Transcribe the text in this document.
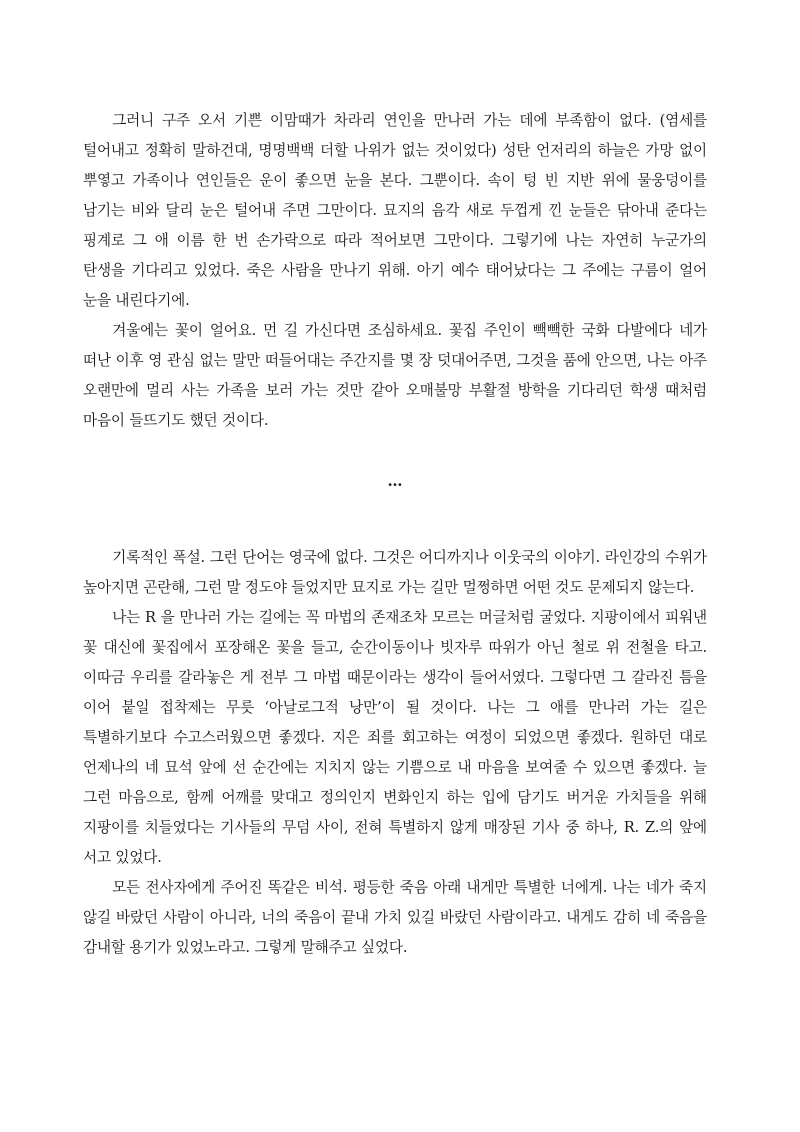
그러니 구주 오서 기쁜 이맘때가 차라리 연인을 만나러 가는 데에 부족함이 없다. (염세를 털어내고 정확히 말하건대, 명명백백 더할 나위가 없는 것이었다) 성탄 언저리의 하늘은 가망 없이 뿌옇고 가족이나 연인들은 운이 좋으면 눈을 본다. 그뿐이다. 속이 텅 빈 지반 위에 물웅덩이를 남기는 비와 달리 눈은 털어내 주면 그만이다. 묘지의 음각 새로 두껍게 낀 눈들은 닦아내 준다는 핑계로 그 애 이름 한 번 손가락으로 따라 적어보면 그만이다. 그렇기에 나는 자연히 누군가의 탄생을 기다리고 있었다. 죽은 사람을 만나기 위해. 아기 예수 태어났다는 그 주에는 구름이 얼어 눈을 내린다기에.

겨울에는 꽃이 얼어요. 먼 길 가신다면 조심하세요. 꽃집 주인이 빽빽한 국화 다발에다 네가 떠난 이후 영 관심 없는 말만 떠들어대는 주간지를 몇 장 덧대어주면, 그것을 품에 안으면, 나는 아주 오랜만에 멀리 사는 가족을 보러 가는 것만 같아 오매불망 부활절 방학을 기다리던 학생 때처럼 마음이 들뜨기도 했던 것이다.

…

기록적인 폭설. 그런 단어는 영국에 없다. 그것은 어디까지나 이웃국의 이야기. 라인강의 수위가 높아지면 곤란해, 그런 말 정도야 들었지만 묘지로 가는 길만 멀쩡하면 어떤 것도 문제되지 않는다.

나는 R 을 만나러 가는 길에는 꼭 마법의 존재조차 모르는 머글처럼 굴었다. 지팡이에서 피워낸 꽃 대신에 꽃집에서 포장해온 꽃을 들고, 순간이동이나 빗자루 따위가 아닌 철로 위 전철을 타고. 이따금 우리를 갈라놓은 게 전부 그 마법 때문이라는 생각이 들어서였다. 그렇다면 그 갈라진 틈을 이어 붙일 접착제는 무릇 ‘아날로그적 낭만’이 될 것이다. 나는 그 애를 만나러 가는 길은 특별하기보다 수고스러웠으면 좋겠다. 지은 죄를 회고하는 여정이 되었으면 좋겠다. 원하던 대로 언제나의 네 묘석 앞에 선 순간에는 지치지 않는 기쁨으로 내 마음을 보여줄 수 있으면 좋겠다. 늘 그런 마음으로, 함께 어깨를 맞대고 정의인지 변화인지 하는 입에 담기도 버거운 가치들을 위해 지팡이를 치들었다는 기사들의 무덤 사이, 전혀 특별하지 않게 매장된 기사 중 하나, R. Z.의 앞에 서고 있었다.

모든 전사자에게 주어진 똑같은 비석. 평등한 죽음 아래 내게만 특별한 너에게. 나는 네가 죽지 않길 바랐던 사람이 아니라, 너의 죽음이 끝내 가치 있길 바랐던 사람이라고. 내게도 감히 네 죽음을 감내할 용기가 있었노라고. 그렇게 말해주고 싶었다.
